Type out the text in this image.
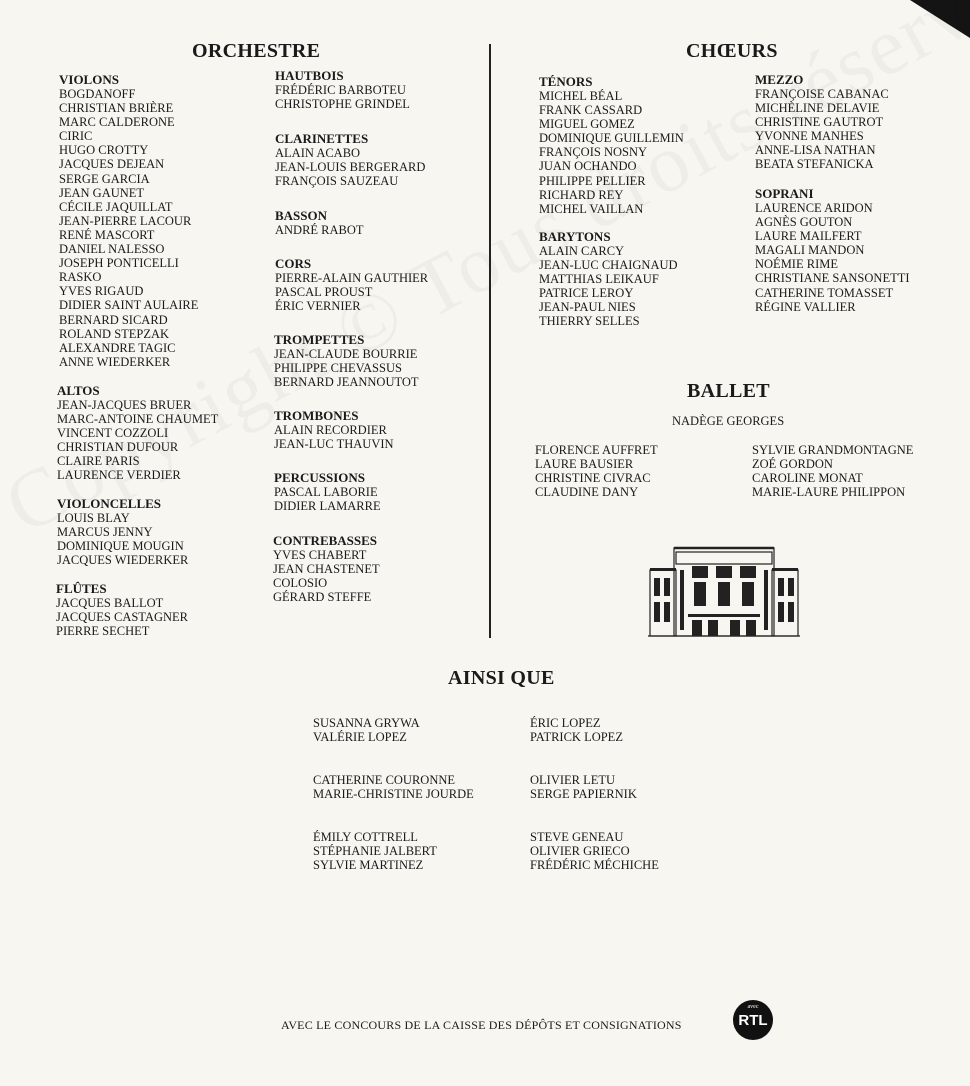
ORCHESTRE
VIOLONS
BOGDANOFF
CHRISTIAN BRIÈRE
MARC CALDERONE
CIRIC
HUGO CROTTY
JACQUES DEJEAN
SERGE GARCIA
JEAN GAUNET
CÉCILE JAQUILLAT
JEAN-PIERRE LACOUR
RENÉ MASCORT
DANIEL NALESSO
JOSEPH PONTICELLI
RASKO
YVES RIGAUD
DIDIER SAINT AULAIRE
BERNARD SICARD
ROLAND STEPZAK
ALEXANDRE TAGIC
ANNE WIEDERKER
ALTOS
JEAN-JACQUES BRUER
MARC-ANTOINE CHAUMET
VINCENT COZZOLI
CHRISTIAN DUFOUR
CLAIRE PARIS
LAURENCE VERDIER
VIOLONCELLES
LOUIS BLAY
MARCUS JENNY
DOMINIQUE MOUGIN
JACQUES WIEDERKER
FLÛTES
JACQUES BALLOT
JACQUES CASTAGNER
PIERRE SECHET
HAUTBOIS
FRÉDÉRIC BARBOTEU
CHRISTOPHE GRINDEL
CLARINETTES
ALAIN ACABO
JEAN-LOUIS BERGERARD
FRANÇOIS SAUZEAU
BASSON
ANDRÉ RABOT
CORS
PIERRE-ALAIN GAUTHIER
PASCAL PROUST
ÉRIC VERNIER
TROMPETTES
JEAN-CLAUDE BOURRIE
PHILIPPE CHEVASSUS
BERNARD JEANNOUTOT
TROMBONES
ALAIN RECORDIER
JEAN-LUC THAUVIN
PERCUSSIONS
PASCAL LABORIE
DIDIER LAMARRE
CONTREBASSES
YVES CHABERT
JEAN CHASTENET
COLOSIO
GÉRARD STEFFE
CHŒURS
TÉNORS
MICHEL BÉAL
FRANK CASSARD
MIGUEL GOMEZ
DOMINIQUE GUILLEMIN
FRANÇOIS NOSNY
JUAN OCHANDO
PHILIPPE PELLIER
RICHARD REY
MICHEL VAILLAN
BARYTONS
ALAIN CARCY
JEAN-LUC CHAIGNAUD
MATTHIAS LEIKAUF
PATRICE LEROY
JEAN-PAUL NIES
THIERRY SELLES
MEZZO
FRANÇOISE CABANAC
MICHÈLINE DELAVIE
CHRISTINE GAUTROT
YVONNE MANHES
ANNE-LISA NATHAN
BEATA STEFANICKA
SOPRANI
LAURENCE ARIDON
AGNÈS GOUTON
LAURE MAILFERT
MAGALI MANDON
NOÉMIE RIME
CHRISTIANE SANSONETTI
CATHERINE TOMASSET
RÉGINE VALLIER
BALLET
NADÈGE GEORGES
FLORENCE AUFFRET
LAURE BAUSIER
CHRISTINE CIVRAC
CLAUDINE DANY
SYLVIE GRANDMONTAGNE
ZOÉ GORDON
CAROLINE MONAT
MARIE-LAURE PHILIPPON
AINSI QUE
SUSANNA GRYWA
VALÉRIE LOPEZ
ÉRIC LOPEZ
PATRICK LOPEZ
CATHERINE COURONNE
MARIE-CHRISTINE JOURDE
OLIVIER LETU
SERGE PAPIERNIK
ÉMILY COTTRELL
STÉPHANIE JALBERT
SYLVIE MARTINEZ
STEVE GENEAU
OLIVIER GRIECO
FRÉDÉRIC MÉCHICHE
AVEC LE CONCOURS DE LA CAISSE DES DÉPÔTS ET CONSIGNATIONS
avec
RTL
